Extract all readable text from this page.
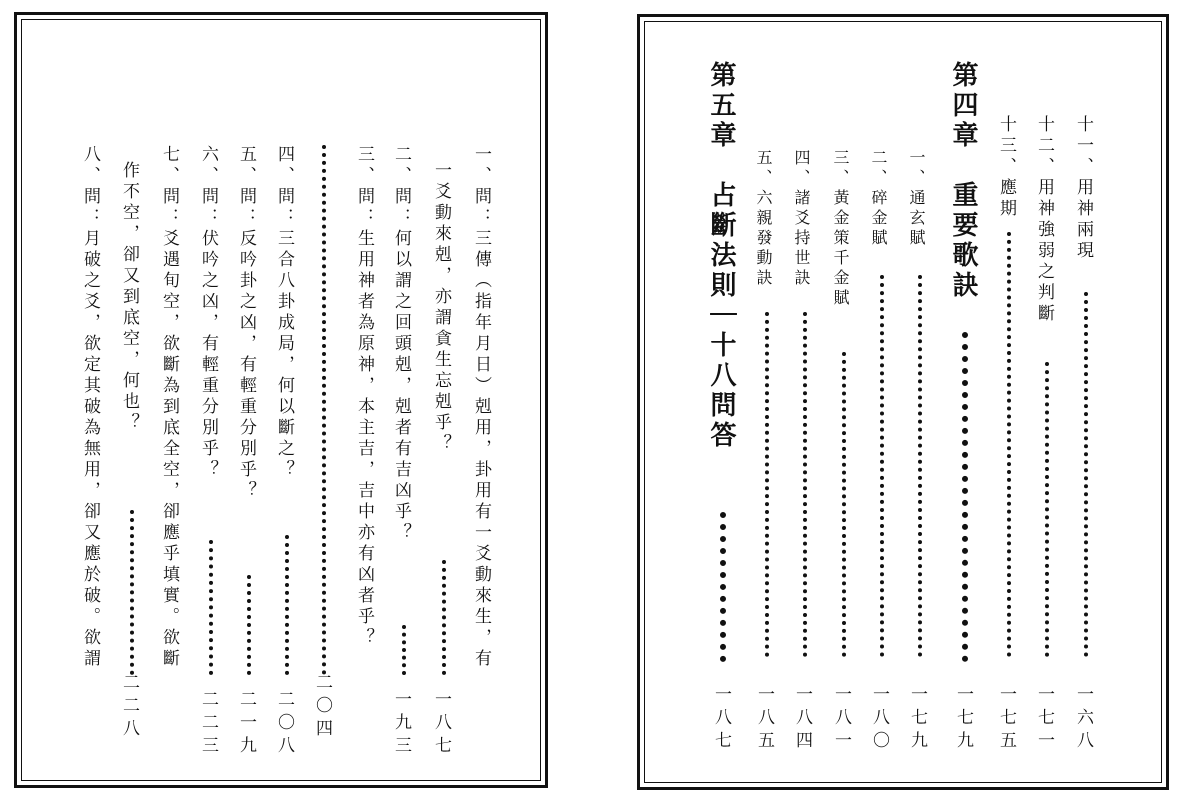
一、問：三傳（指年月日）剋用，卦用有一爻動來生，有
一爻動來剋，亦謂貪生忘剋乎？
一八七
二、問：何以謂之回頭剋，剋者有吉凶乎？
一九三
三、問：生用神者為原神，本主吉，吉中亦有凶者乎？
二〇四
四、問：三合八卦成局，何以斷之？
二〇八
五、問：反吟卦之凶，有輕重分別乎？
二一九
六、問：伏吟之凶，有輕重分別乎？
二二三
七、問：爻遇旬空，欲斷為到底全空，卻應乎填實。欲斷
作不空，卻又到底空，何也？
二二八
八、問：月破之爻，欲定其破為無用，卻又應於破。欲謂	十一、用神兩現
一六八
十二、用神強弱之判斷
一七一
十三、應期
一七五
第四章　重要歌訣
一七九
一、通玄賦
一七九
二、碎金賦
一八〇
三、黃金策千金賦
一八一
四、諸爻持世訣
一八四
五、六親發動訣
一八五
第五章　占斷法則｜十八問答
一八七
